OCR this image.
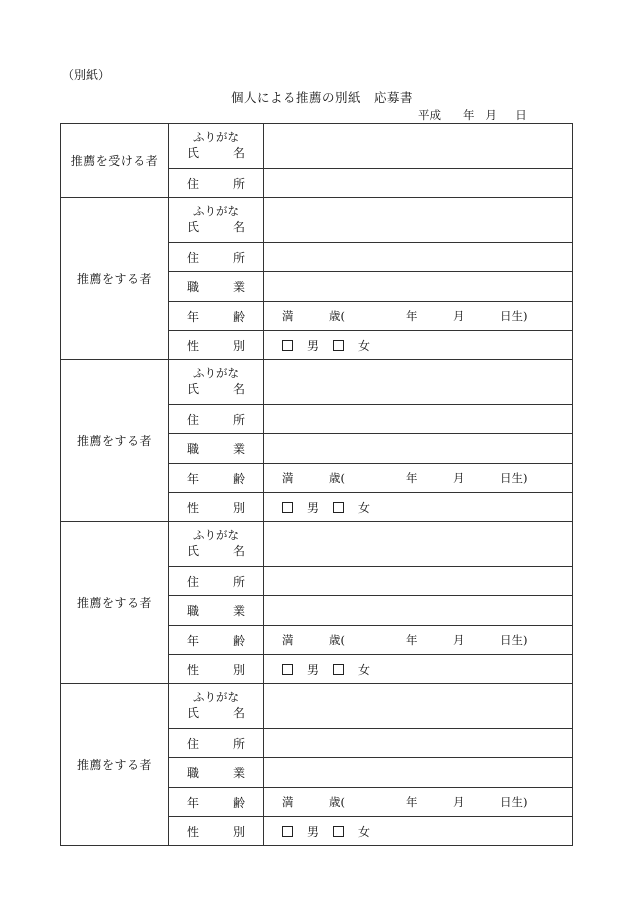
（別紙）
個人による推薦の別紙　応募書
平成 年 月 日
推薦を受ける者	ふりがな
氏 名	

	住 所	

推薦をする者	ふりがな
氏 名	

	住 所	

	職 業	

	年 齢	満 歳( 年 月 日生)

	性 別	男 女

推薦をする者	ふりがな
氏 名	

	住 所	

	職 業	

	年 齢	満 歳( 年 月 日生)

	性 別	男 女

推薦をする者	ふりがな
氏 名	

	住 所	

	職 業	

	年 齢	満 歳( 年 月 日生)

	性 別	男 女

推薦をする者	ふりがな
氏 名	

	住 所	

	職 業	

	年 齢	満 歳( 年 月 日生)

	性 別	男 女
